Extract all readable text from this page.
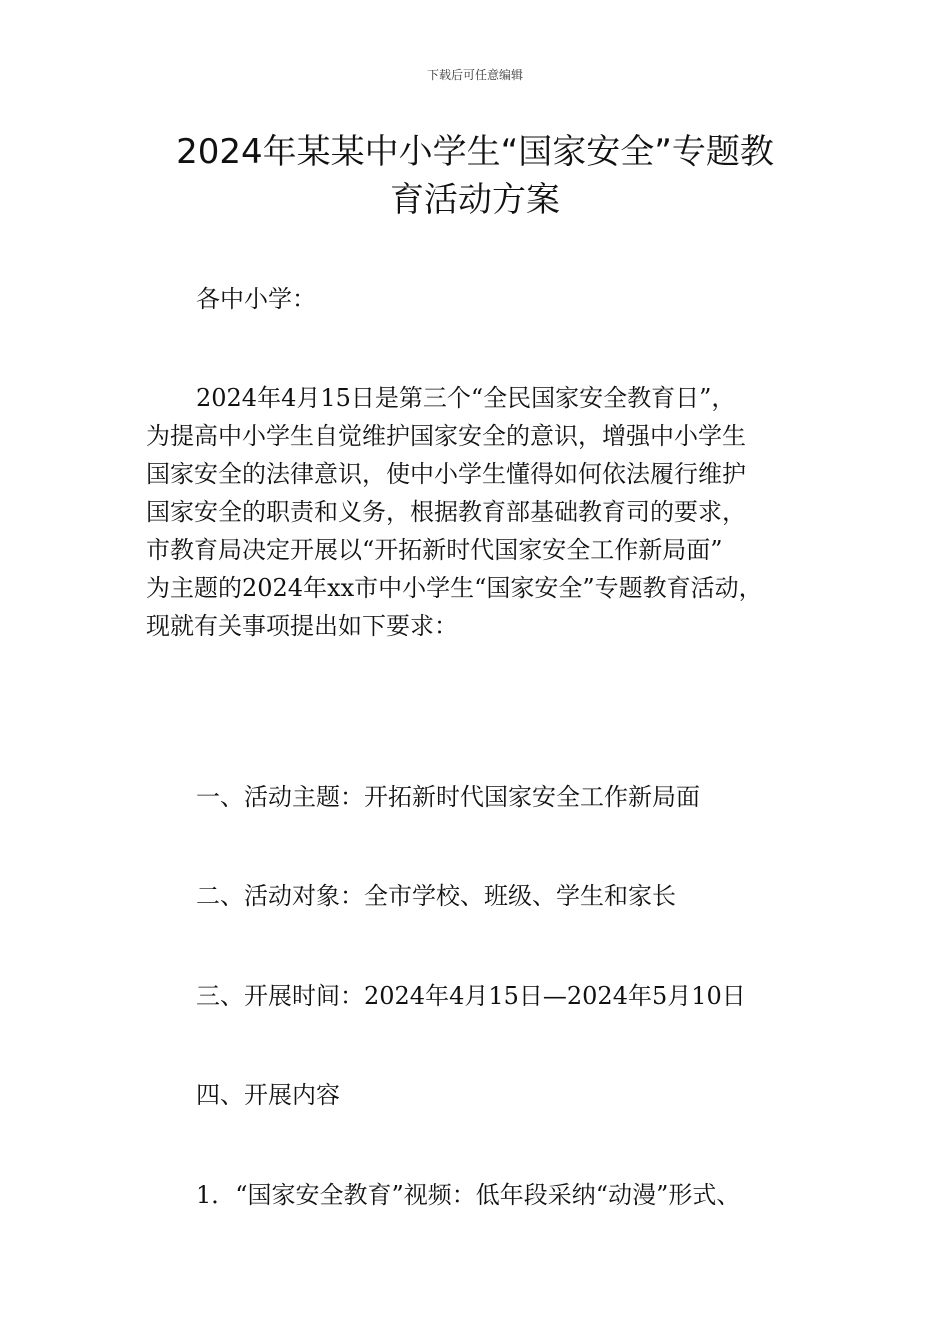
下载后可任意编辑
2024年某某中小学生“国家安全”专题教
育活动方案

各中小学：

2024年4月15日是第三个“全民国家安全教育日”，
为提高中小学生自觉维护国家安全的意识，增强中小学生
国家安全的法律意识，使中小学生懂得如何依法履行维护
国家安全的职责和义务，根据教育部基础教育司的要求，
市教育局决定开展以“开拓新时代国家安全工作新局面”
为主题的2024年xx市中小学生“国家安全”专题教育活动，
现就有关事项提出如下要求：

一、活动主题：开拓新时代国家安全工作新局面

二、活动对象：全市学校、班级、学生和家长

三、开展时间：2024年4月15日—2024年5月10日

四、开展内容

1．“国家安全教育”视频：低年段采纳“动漫”形式、
